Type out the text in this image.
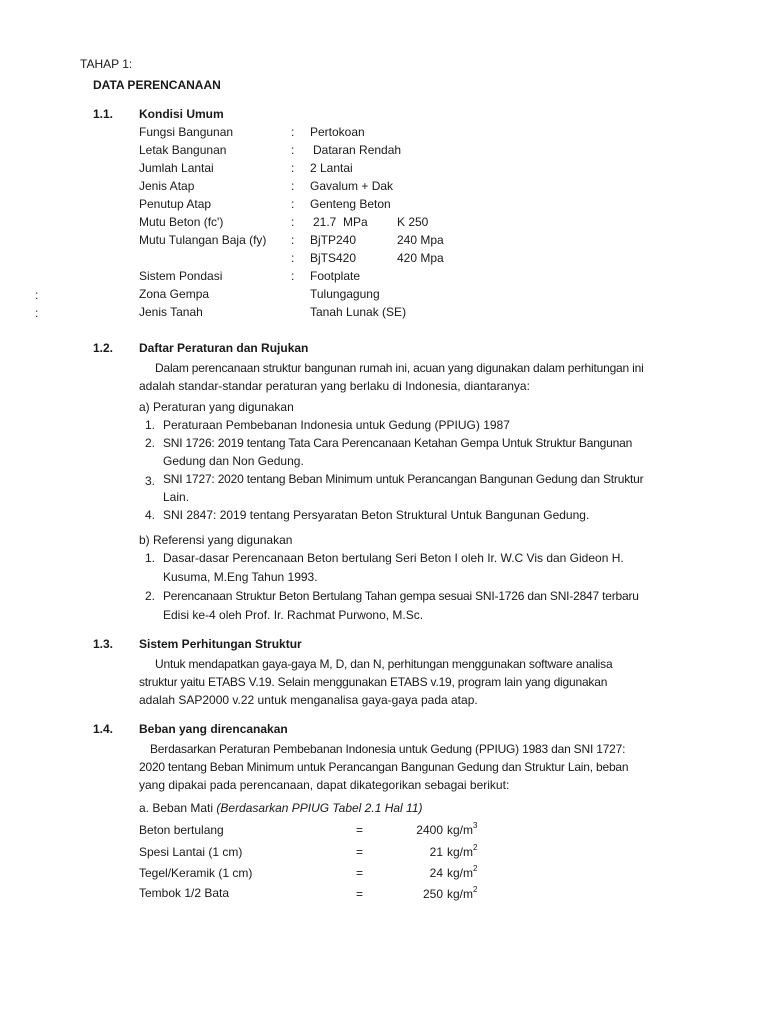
TAHAP 1:
DATA PERENCANAAN
1.1. Kondisi Umum
Fungsi Bangunan	: Pertokoan
Letak Bangunan	: Dataran Rendah
Jumlah Lantai	: 2 Lantai
Jenis Atap	: Gavalum + Dak
Penutup Atap	: Genteng Beton
Mutu Beton (fc')	: 21.7  MPa K 250
Mutu Tulangan Baja (fy) : BjTP240	240 Mpa
: BjTS420	420 Mpa
Sistem Pondasi	: Footplate
:	Zona Gempa	Tulungagung
:	Jenis Tanah	Tanah Lunak (SE)
1.2. Daftar Peraturan dan Rujukan
Dalam perencanaan struktur bangunan rumah ini, acuan yang digunakan dalam perhitungan ini
adalah standar-standar peraturan yang berlaku di Indonesia, diantaranya:
a) Peraturan yang digunakan
1. Peraturaan Pembebanan Indonesia untuk Gedung (PPIUG) 1987
2. SNI 1726: 2019 tentang Tata Cara Perencanaan Ketahan Gempa Untuk Struktur Bangunan
Gedung dan Non Gedung.
3. SNI 1727: 2020 tentang Beban Minimum untuk Perancangan Bangunan Gedung dan Struktur
Lain.
4. SNI 2847: 2019 tentang Persyaratan Beton Struktural Untuk Bangunan Gedung.
b) Referensi yang digunakan
1. Dasar-dasar Perencanaan Beton bertulang Seri Beton I oleh Ir. W.C Vis dan Gideon H.
Kusuma, M.Eng Tahun 1993.
2. Perencanaan Struktur Beton Bertulang Tahan gempa sesuai SNI-1726 dan SNI-2847 terbaru
Edisi ke-4 oleh Prof. Ir. Rachmat Purwono, M.Sc.
1.3. Sistem Perhitungan Struktur
Untuk mendapatkan gaya-gaya M, D, dan N, perhitungan menggunakan software analisa
struktur yaitu ETABS V.19. Selain menggunakan ETABS v.19, program lain yang digunakan
adalah SAP2000 v.22 untuk menganalisa gaya-gaya pada atap.
1.4. Beban yang direncanakan
Berdasarkan Peraturan Pembebanan Indonesia untuk Gedung (PPIUG) 1983 dan SNI 1727:
2020 tentang Beban Minimum untuk Perancangan Bangunan Gedung dan Struktur Lain, beban
yang dipakai pada perencanaan, dapat dikategorikan sebagai berikut:
a. Beban Mati (Berdasarkan PPIUG Tabel 2.1 Hal 11)
Beton bertulang	=	2400 $kg/m^3$
Spesi Lantai (1 cm)	=	21 $kg/m^2$
Tegel/Keramik (1 cm)	=	24 $kg/m^2$
Tembok 1/2 Bata	=	250 $kg/m^2$
